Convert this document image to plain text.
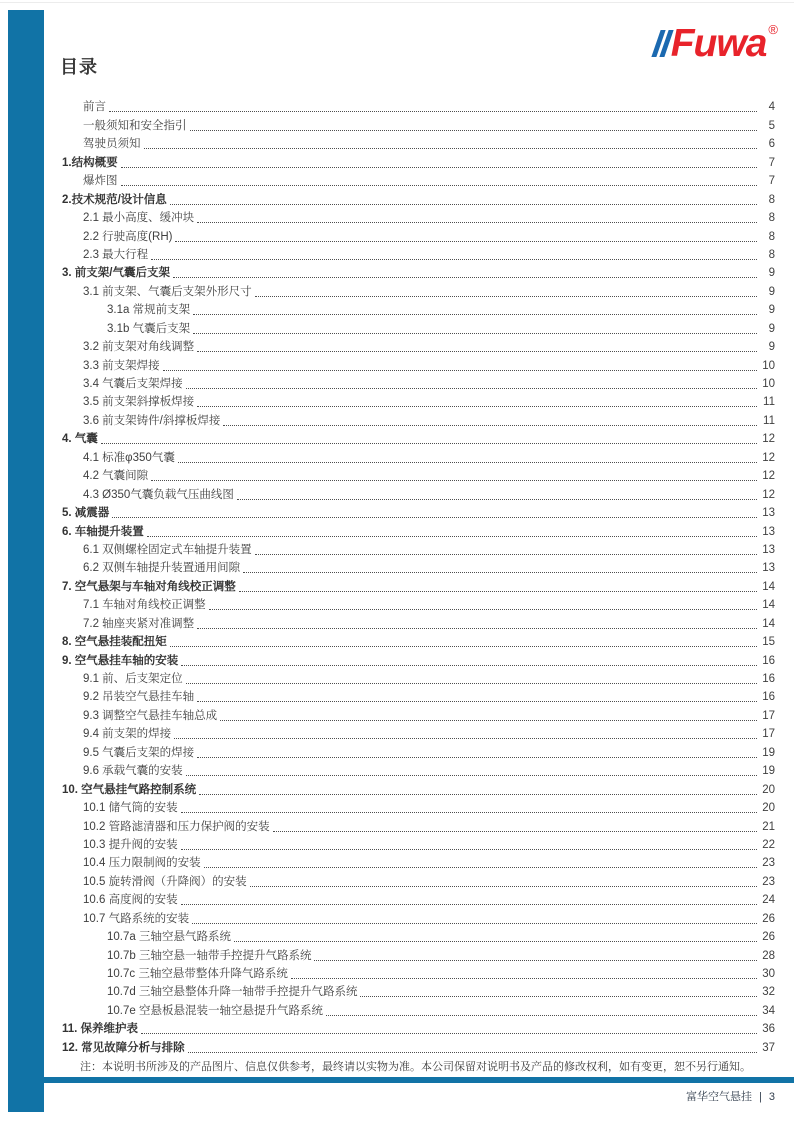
目录
Fuwa ®
前言	4
一般须知和安全指引	5
驾驶员须知	6
1.结构概要	7
爆炸图	7
2.技术规范/设计信息	8
2.1 最小高度、缓冲块	8
2.2 行驶高度(RH)	8
2.3 最大行程	8
3. 前支架/气囊后支架	9
3.1 前支架、气囊后支架外形尺寸	9
3.1a 常规前支架	9
3.1b 气囊后支架	9
3.2 前支架对角线调整	9
3.3 前支架焊接	10
3.4 气囊后支架焊接	10
3.5 前支架斜撑板焊接	11
3.6 前支架铸件/斜撑板焊接	11
4. 气囊	12
4.1 标准φ350气囊	12
4.2 气囊间隙	12
4.3 Ø350气囊负载气压曲线图	12
5. 减震器	13
6. 车轴提升装置	13
6.1 双侧螺栓固定式车轴提升装置	13
6.2 双侧车轴提升装置通用间隙	13
7. 空气悬架与车轴对角线校正调整	14
7.1 车轴对角线校正调整	14
7.2 轴座夹紧对准调整	14
8. 空气悬挂装配扭矩	15
9. 空气悬挂车轴的安装	16
9.1 前、后支架定位	16
9.2 吊装空气悬挂车轴	16
9.3 调整空气悬挂车轴总成	17
9.4 前支架的焊接	17
9.5 气囊后支架的焊接	19
9.6 承载气囊的安装	19
10. 空气悬挂气路控制系统	20
10.1 储气筒的安装	20
10.2 管路滤清器和压力保护阀的安装	21
10.3 提升阀的安装	22
10.4 压力限制阀的安装	23
10.5 旋转滑阀（升降阀）的安装	23
10.6 高度阀的安装	24
10.7 气路系统的安装	26
10.7a 三轴空悬气路系统	26
10.7b 三轴空悬一轴带手控提升气路系统	28
10.7c 三轴空悬带整体升降气路系统	30
10.7d 三轴空悬整体升降一轴带手控提升气路系统	32
10.7e 空悬板悬混装一轴空悬提升气路系统	34
11. 保养维护表	36
12. 常见故障分析与排除	37

注：本说明书所涉及的产品图片、信息仅供参考，最终请以实物为准。本公司保留对说明书及产品的修改权利，如有变更，恕不另行通知。

富华空气悬挂 | 3
